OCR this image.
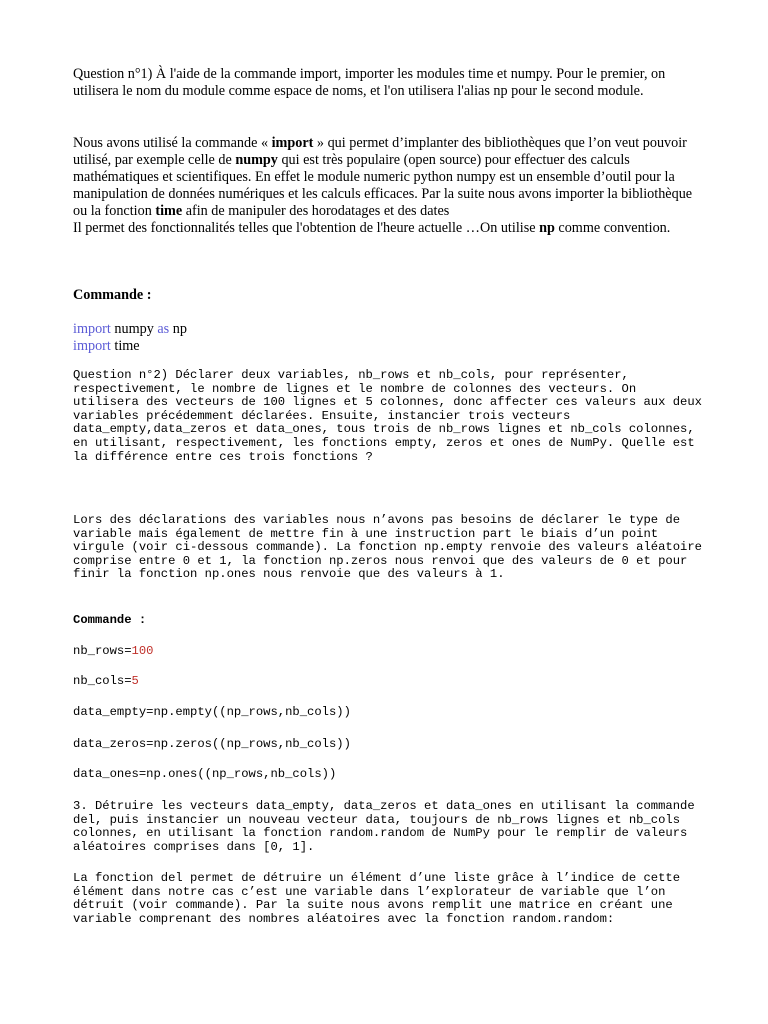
Question n°1) À l'aide de la commande import, importer les modules time et numpy. Pour le premier, on utilisera le nom du module comme espace de noms, et l'on utilisera l'alias np pour le second module.

Nous avons utilisé la commande « import » qui permet d’implanter des bibliothèques que l’on veut pouvoir utilisé, par exemple celle de numpy qui est très populaire (open source) pour effectuer des calculs mathématiques et scientifiques. En effet le module numeric python numpy est un ensemble d’outil pour la manipulation de données numériques et les calculs efficaces. Par la suite nous avons importer la bibliothèque ou la fonction time afin de manipuler des horodatages et des dates
Il permet des fonctionnalités telles que l'obtention de l'heure actuelle …On utilise np comme convention.

Commande :

import numpy as np

import time

Question n°2) Déclarer deux variables, nb_rows et nb_cols, pour représenter, respectivement, le nombre de lignes et le nombre de colonnes des vecteurs. On utilisera des vecteurs de 100 lignes et 5 colonnes, donc affecter ces valeurs aux deux variables précédemment déclarées. Ensuite, instancier trois vecteurs data_empty,data_zeros et data_ones, tous trois de nb_rows lignes et nb_cols colonnes, en utilisant, respectivement, les fonctions empty, zeros et ones de NumPy. Quelle est la différence entre ces trois fonctions ?

Lors des déclarations des variables nous n’avons pas besoins de déclarer le type de variable mais également de mettre fin à une instruction part le biais d’un point virgule (voir ci-dessous commande). La fonction np.empty renvoie des valeurs aléatoire comprise entre 0 et 1, la fonction np.zeros nous renvoi que des valeurs de 0 et pour finir la fonction np.ones nous renvoie que des valeurs à 1.

Commande :

nb_rows=100

nb_cols=5

data_empty=np.empty((np_rows,nb_cols))

data_zeros=np.zeros((np_rows,nb_cols))

data_ones=np.ones((np_rows,nb_cols))

3. Détruire les vecteurs data_empty, data_zeros et data_ones en utilisant la commande del, puis instancier un nouveau vecteur data, toujours de nb_rows lignes et nb_cols colonnes, en utilisant la fonction random.random de NumPy pour le remplir de valeurs aléatoires comprises dans [0, 1].

La fonction del permet de détruire un élément d’une liste grâce à l’indice de cette élément dans notre cas c’est une variable dans l’explorateur de variable que l’on détruit (voir commande). Par la suite nous avons remplit une matrice en créant une variable comprenant des nombres aléatoires avec la fonction random.random:
